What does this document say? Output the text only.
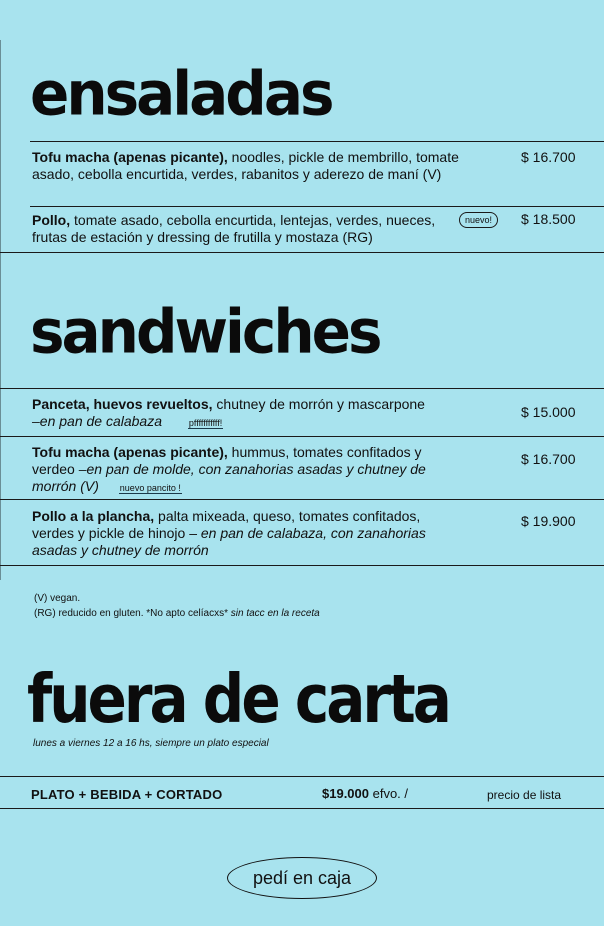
ensaladas
Tofu macha (apenas picante), noodles, pickle de membrillo, tomate asado, cebolla encurtida, verdes, rabanitos y aderezo de maní (V)
$ 16.700
Pollo, tomate asado, cebolla encurtida, lentejas, verdes, nueces, frutas de estación y dressing de frutilla y mostaza (RG)
nuevo!	$ 18.500
sandwiches
Panceta, huevos revueltos, chutney de morrón y mascarpone
–en pan de calabaza	pfffffffffff!
$ 15.000
Tofu macha (apenas picante), hummus, tomates confitados y verdeo –en pan de molde, con zanahorias asadas y chutney de morrón (V) nuevo pancito !
$ 16.700
Pollo a la plancha, palta mixeada, queso, tomates confitados, verdes y pickle de hinojo – en pan de calabaza, con zanahorias asadas y chutney de morrón
$ 19.900
(V) vegan.
(RG) reducido en gluten. *No apto celíacxs* sin tacc en la receta
fuera de carta
lunes a viernes 12 a 16 hs, siempre un plato especial
PLATO + BEBIDA + CORTADO	$19.000 efvo. /	precio de lista
pedí en caja
